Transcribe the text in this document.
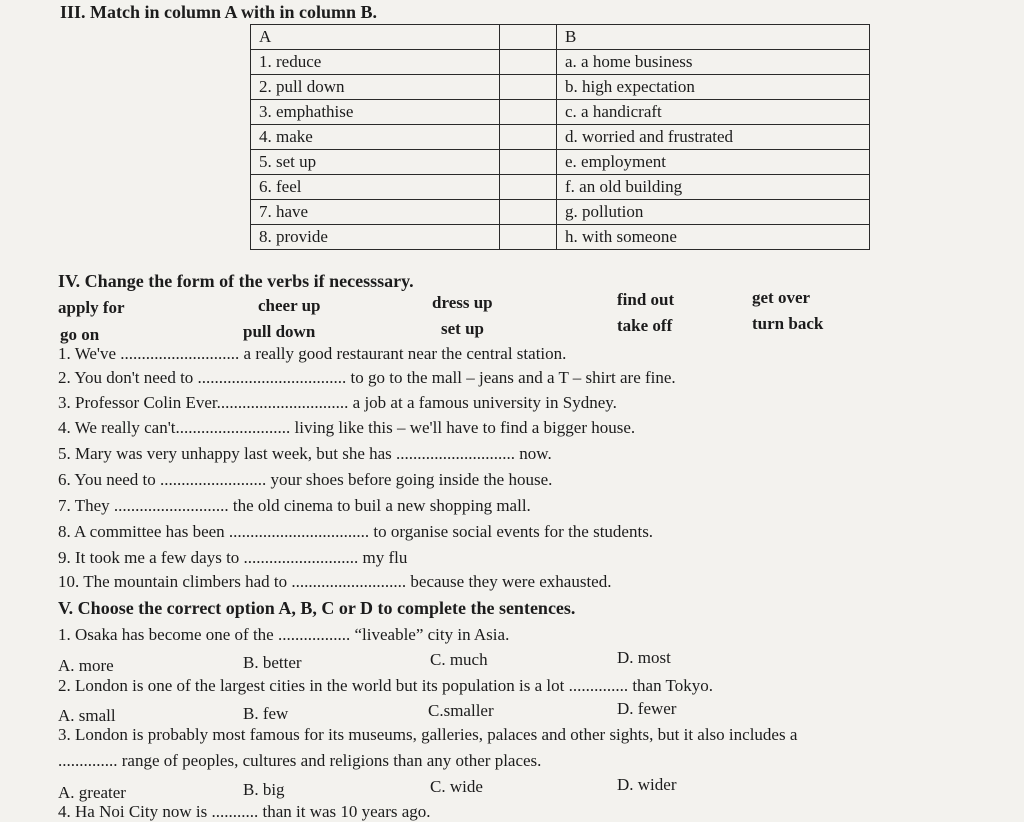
III. Match in column A with in column B.
A		B
1. reduce		a. a home business
2. pull down		b. high expectation
3. emphathise		c. a handicraft
4. make		d. worried and frustrated
5. set up		e. employment
6. feel		f. an old building
7. have		g. pollution
8. provide		h. with someone
IV. Change the form of the verbs if necesssary.
apply for	cheer up	dress up	find out	get over
go on	pull down	set up	take off	turn back
1. We've ............................ a really good restaurant near the central station.
2. You don't need to ................................... to go to the mall – jeans and a T – shirt are fine.
3. Professor Colin Ever............................... a job at a famous university in Sydney.
4. We really can't........................... living like this – we'll have to find a bigger house.
5. Mary was very unhappy last week, but she has ............................ now.
6. You need to ......................... your shoes before going inside the house.
7. They ........................... the old cinema to buil a new shopping mall.
8. A committee has been ................................. to organise social events for the students.
9. It took me a few days to ........................... my flu
10. The mountain climbers had to ........................... because they were exhausted.
V. Choose the correct option A, B, C or D to complete the sentences.
1. Osaka has become one of the ................. “liveable” city in Asia.
A. more	B. better	C. much	D. most
2. London is one of the largest cities in the world but its population is a lot .............. than Tokyo.
A. small	B. few	C.smaller	D. fewer
3. London is probably most famous for its museums, galleries, palaces and other sights, but it also includes a
.............. range of peoples, cultures and religions than any other places.
A. greater	B. big	C. wide	D. wider
4. Ha Noi City now is ........... than it was 10 years ago.
